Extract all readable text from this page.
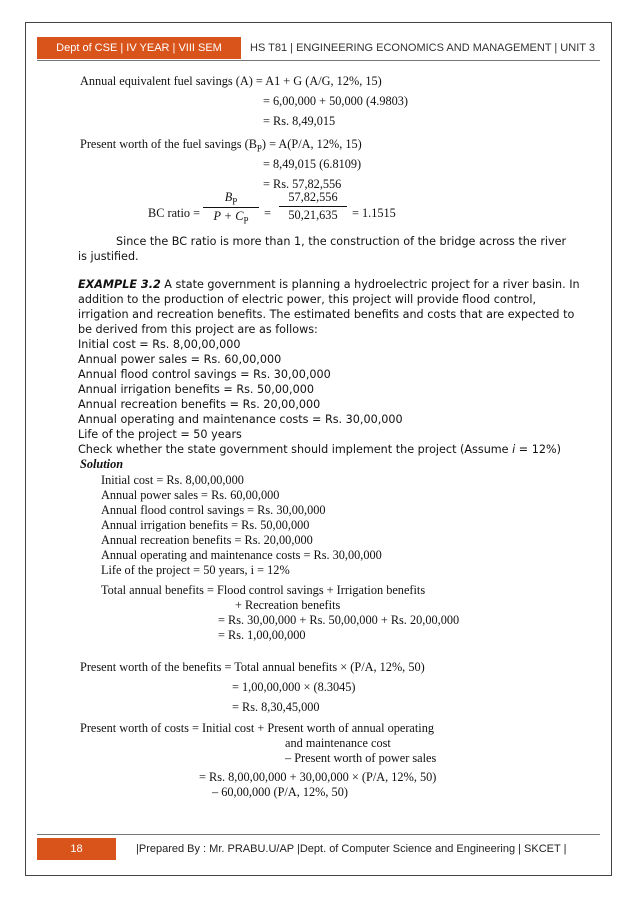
Dept of CSE | IV YEAR | VIII SEM	HS T81 | ENGINEERING ECONOMICS AND MANAGEMENT | UNIT 3
Annual equivalent fuel savings (A) = A1 + G (A/G, 12%, 15)
= 6,00,000 + 50,000 (4.9803)
= Rs. 8,49,015
Present worth of the fuel savings $(B_P) = A(P/A$, 12%, 15)
= 8,49,015 (6.8109)
= Rs. 57,82,556
BC ratio =
$B_P$
$P + C_P$
=
57,82,556
50,21,635	= 1.1515
Since the BC ratio is more than 1, the construction of the bridge across the river
is justified.
EXAMPLE 3.2 A state government is planning a hydroelectric project for a river basin. In
addition to the production of electric power, this project will provide flood control,
irrigation and recreation benefits. The estimated benefits and costs that are expected to
be derived from this project are as follows:
Initial cost = Rs. 8,00,00,000
Annual power sales = Rs. 60,00,000
Annual flood control savings = Rs. 30,00,000
Annual irrigation benefits = Rs. 50,00,000
Annual recreation benefits = Rs. 20,00,000
Annual operating and maintenance costs = Rs. 30,00,000
Life of the project = 50 years
Check whether the state government should implement the project (Assume i = 12%)
Solution
Initial cost = Rs. 8,00,00,000
Annual power sales = Rs. 60,00,000
Annual flood control savings = Rs. 30,00,000
Annual irrigation benefits = Rs. 50,00,000
Annual recreation benefits = Rs. 20,00,000
Annual operating and maintenance costs = Rs. 30,00,000
Life of the project = 50 years, i = 12%
Total annual benefits = Flood control savings + Irrigation benefits
+ Recreation benefits
= Rs. 30,00,000 + Rs. 50,00,000 + Rs. 20,00,000
= Rs. 1,00,00,000
Present worth of the benefits = Total annual benefits × (P/A, 12%, 50)
= 1,00,00,000 × (8.3045)
= Rs. 8,30,45,000
Present worth of costs = Initial cost + Present worth of annual operating
and maintenance cost
– Present worth of power sales
= Rs. 8,00,00,000 + 30,00,000 × (P/A, 12%, 50)
– 60,00,000 (P/A, 12%, 50)
18	|Prepared By : Mr. PRABU.U/AP |Dept. of Computer Science and Engineering | SKCET |
